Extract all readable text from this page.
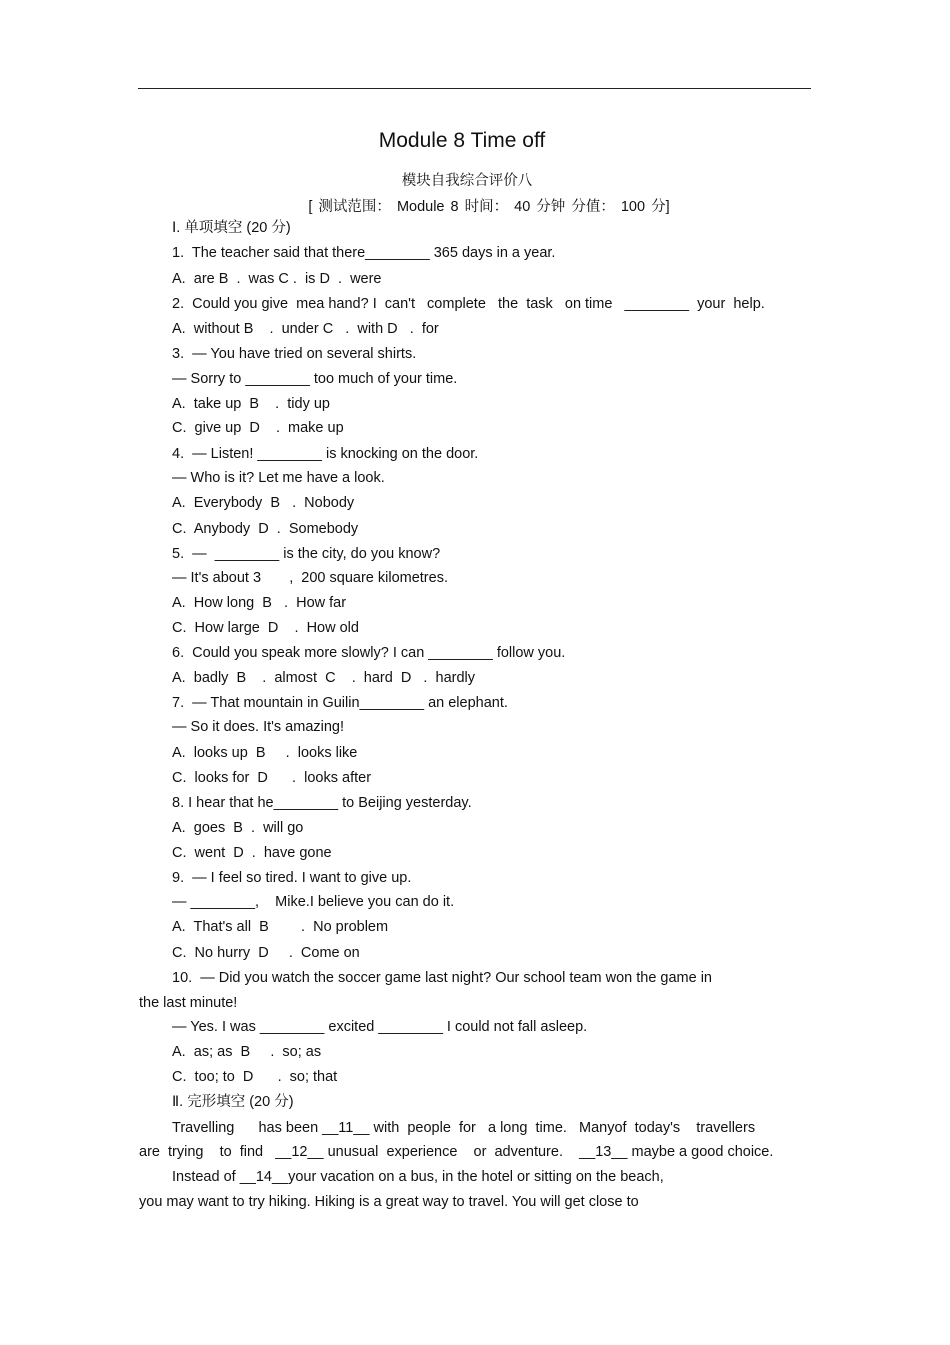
Module 8 Time off
模块自我综合评价八
[ 测试范围： Module 8 时间： 40 分钟 分值： 100 分]
Ⅰ. 单项填空 (20 分)
1.  The teacher said that there________ 365 days in a year.
A.  are B  .  was C .  is D  .  were
2.  Could you give  mea hand? I  can't   complete   the  task   on time   ________  your  help.
A.  without B    .  under C   .  with D   .  for
3.  — You have tried on several shirts.
— Sorry to ________ too much of your time.
A.  take up  B    .  tidy up
C.  give up  D    .  make up
4.  — Listen! ________ is knocking on the door.
— Who is it? Let me have a look.
A.  Everybody  B   .  Nobody
C.  Anybody  D  .  Somebody
5.  —  ________ is the city, do you know?
— It's about 3       ,  200 square kilometres.
A.  How long  B   .  How far
C.  How large  D    .  How old
6.  Could you speak more slowly? I can ________ follow you.
A.  badly  B    .  almost  C    .  hard  D   .  hardly
7.  — That mountain in Guilin________ an elephant.
— So it does. It's amazing!
A.  looks up  B     .  looks like
C.  looks for  D      .  looks after
8. I hear that he________ to Beijing yesterday.
A.  goes  B  .  will go
C.  went  D  .  have gone
9.  — I feel so tired. I want to give up.
— ________,    Mike.I believe you can do it.
A.  That's all  B        .  No problem
C.  No hurry  D     .  Come on
10.  — Did you watch the soccer game last night? Our school team won the game in
the last minute!
— Yes. I was ________ excited ________ I could not fall asleep.
A.  as; as  B     .  so; as
C.  too; to  D      .  so; that
Ⅱ. 完形填空 (20 分)
Travelling      has been __11__ with  people  for   a long  time.   Manyof  today's    travellers
are  trying    to  find   __12__ unusual  experience    or  adventure.    __13__ maybe a good choice.
Instead of __14__your vacation on a bus, in the hotel or sitting on the beach,
you may want to try hiking. Hiking is a great way to travel. You will get close to
